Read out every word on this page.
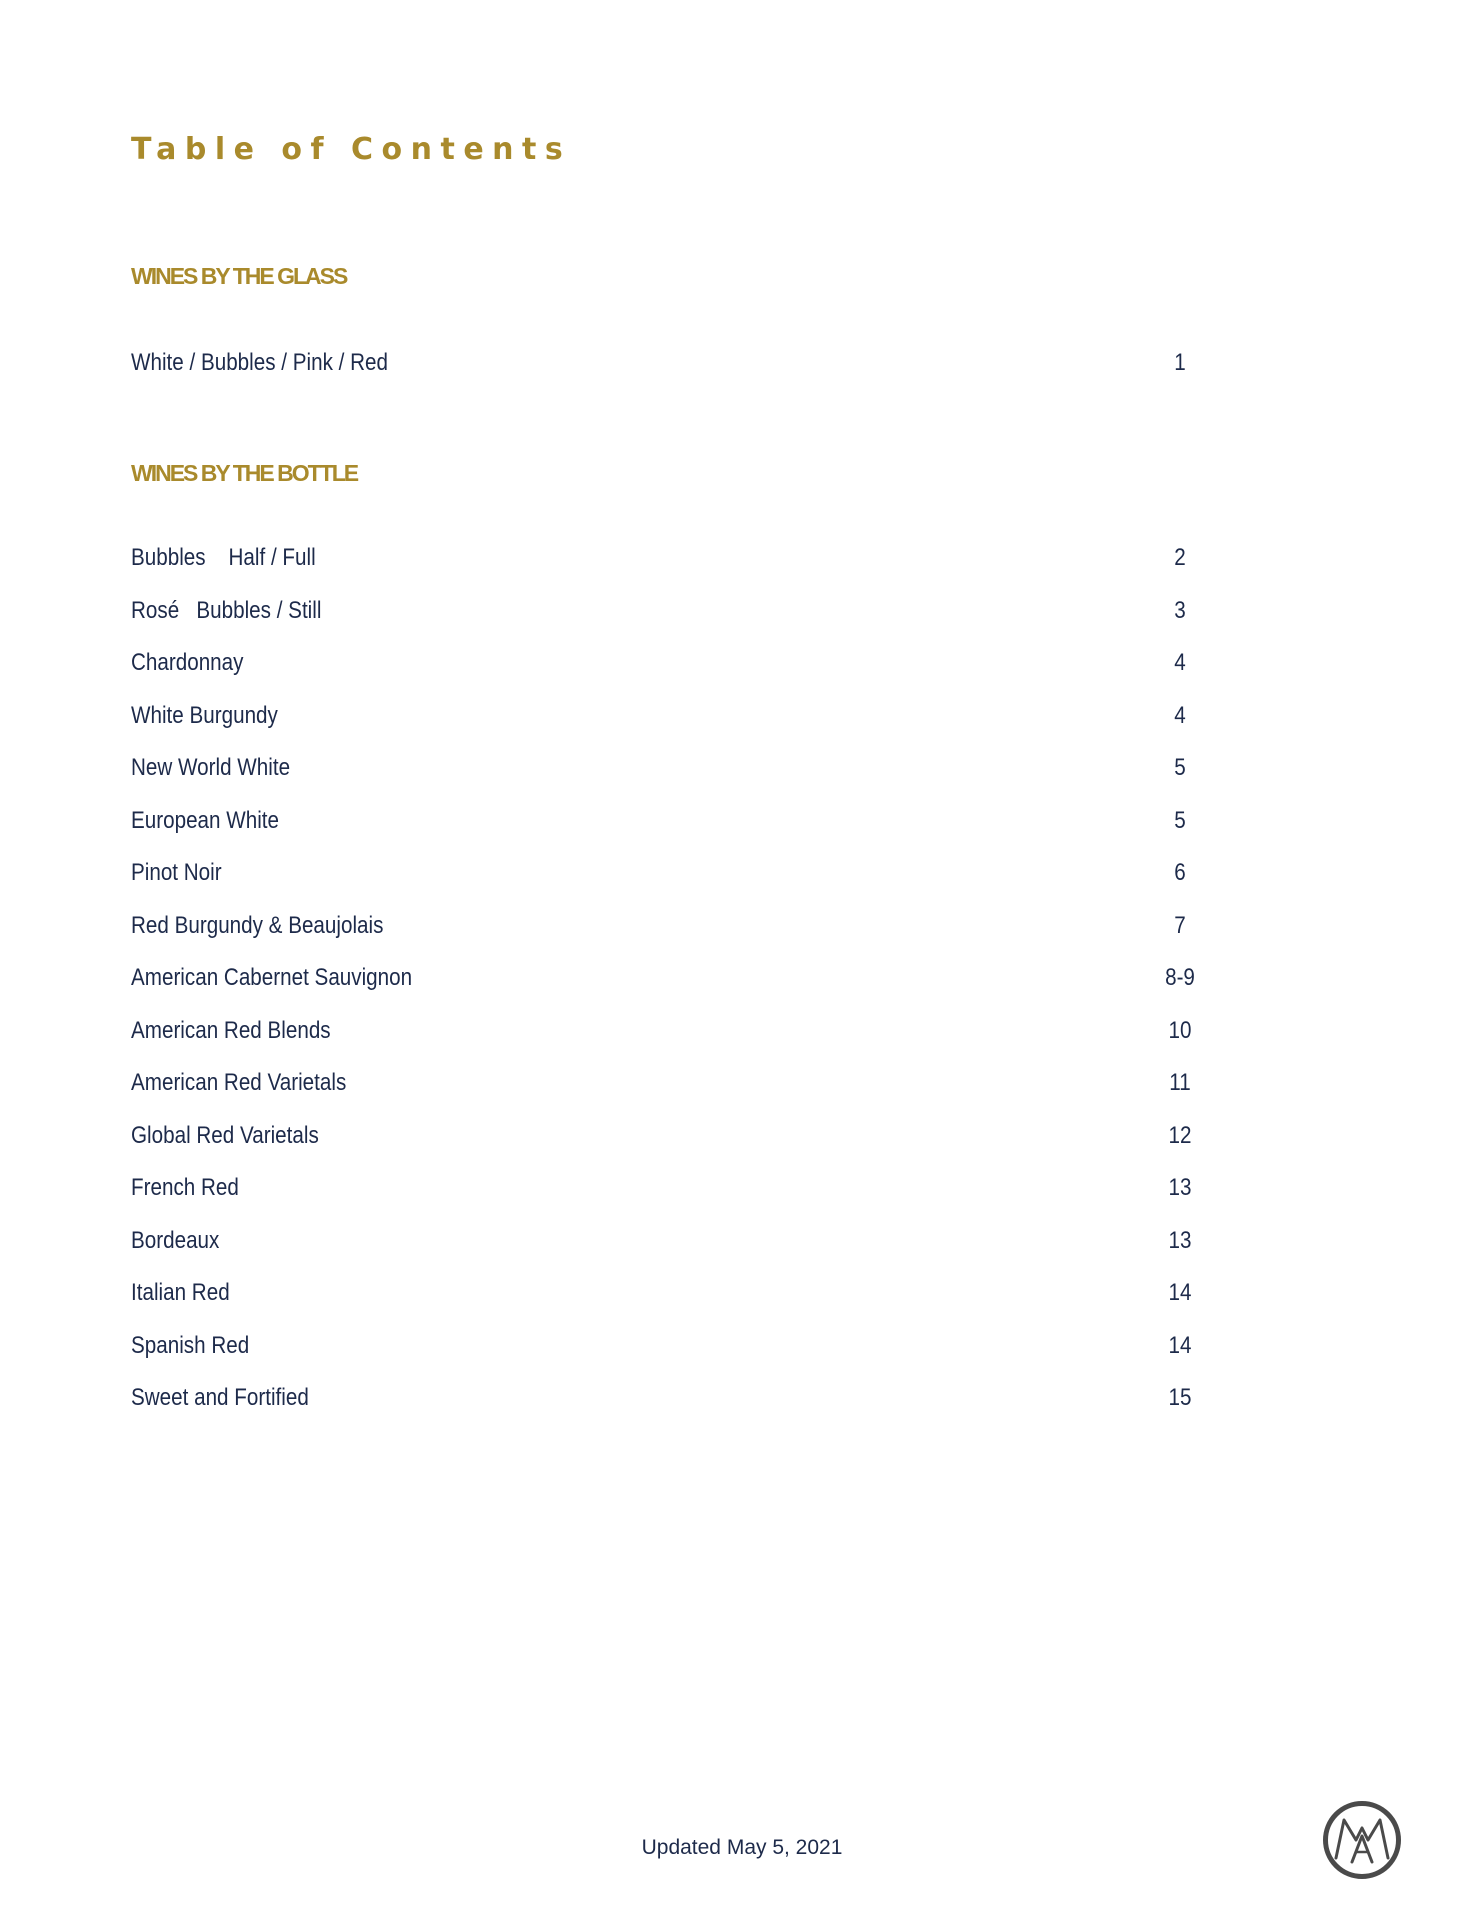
Table of Contents
WINES BY THE GLASS
White / Bubbles / Pink / Red	1
WINES BY THE BOTTLE
Bubbles    Half / Full	2
Rosé   Bubbles / Still	3
Chardonnay	4
White Burgundy	4
New World White	5
European White	5
Pinot Noir	6
Red Burgundy & Beaujolais	7
American Cabernet Sauvignon	8-9
American Red Blends	10
American Red Varietals	11
Global Red Varietals	12
French Red	13
Bordeaux	13
Italian Red	14
Spanish Red	14
Sweet and Fortified	15
Updated May 5, 2021
